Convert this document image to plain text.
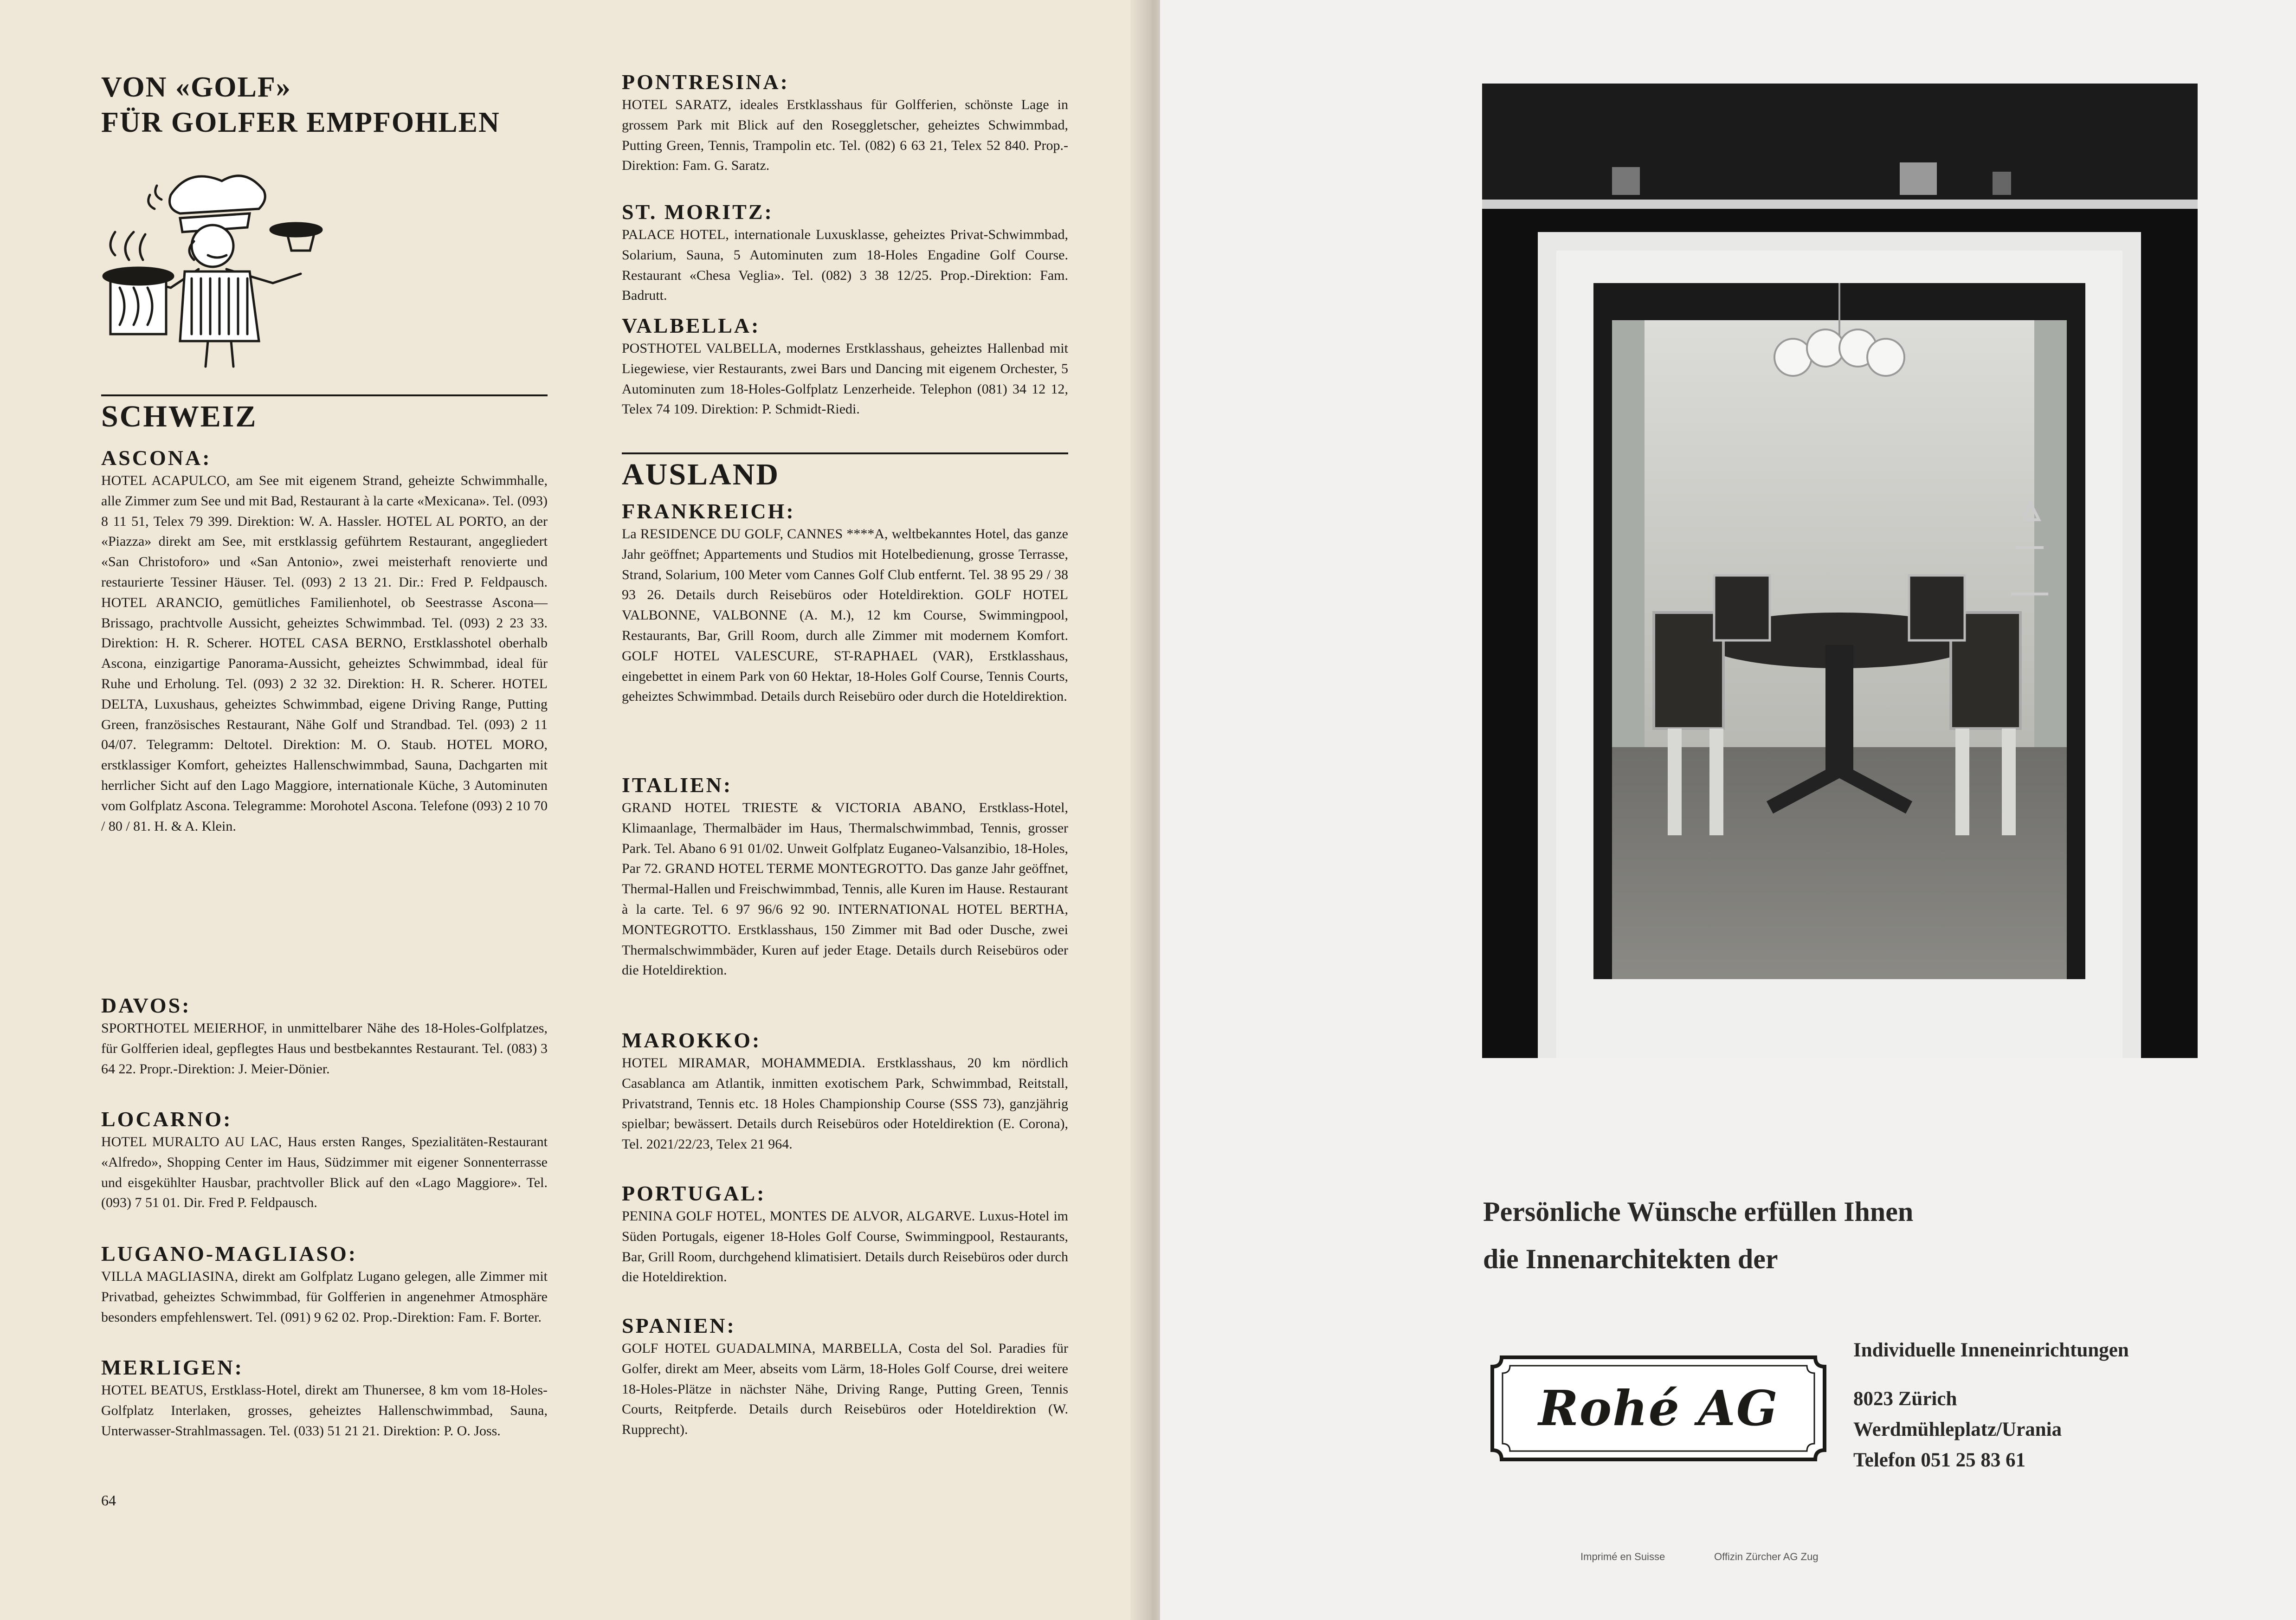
VON «GOLF»
FÜR GOLFER EMPFOHLEN
SCHWEIZ
ASCONA:
HOTEL ACAPULCO, am See mit eigenem Strand, geheizte Schwimmhalle, alle Zimmer zum See und mit Bad, Restaurant à la carte «Mexicana». Tel. (093) 8 11 51, Telex 79 399. Direktion: W. A. Hassler. HOTEL AL PORTO, an der «Piazza» direkt am See, mit erstklassig geführtem Restaurant, angegliedert «San Christoforo» und «San Antonio», zwei meisterhaft renovierte und restaurierte Tessiner Häuser. Tel. (093) 2 13 21. Dir.: Fred P. Feldpausch. HOTEL ARANCIO, gemütliches Familienhotel, ob Seestrasse Ascona—Brissago, prachtvolle Aussicht, geheiztes Schwimmbad. Tel. (093) 2 23 33. Direktion: H. R. Scherer. HOTEL CASA BERNO, Erstklasshotel oberhalb Ascona, einzigartige Panorama-Aussicht, geheiztes Schwimmbad, ideal für Ruhe und Erholung. Tel. (093) 2 32 32. Direktion: H. R. Scherer. HOTEL DELTA, Luxushaus, geheiztes Schwimmbad, eigene Driving Range, Putting Green, französisches Restaurant, Nähe Golf und Strandbad. Tel. (093) 2 11 04/07. Telegramm: Deltotel. Direktion: M. O. Staub. HOTEL MORO, erstklassiger Komfort, geheiztes Hallenschwimmbad, Sauna, Dachgarten mit herrlicher Sicht auf den Lago Maggiore, internationale Küche, 3 Autominuten vom Golfplatz Ascona. Telegramme: Morohotel Ascona. Telefone (093) 2 10 70 / 80 / 81. H. & A. Klein.
DAVOS:
SPORTHOTEL MEIERHOF, in unmittelbarer Nähe des 18-Holes-Golfplatzes, für Golfferien ideal, gepflegtes Haus und bestbekanntes Restaurant. Tel. (083) 3 64 22. Propr.-Direktion: J. Meier-Dönier.
LOCARNO:
HOTEL MURALTO AU LAC, Haus ersten Ranges, Spezialitäten-Restaurant «Alfredo», Shopping Center im Haus, Südzimmer mit eigener Sonnenterrasse und eisgekühlter Hausbar, prachtvoller Blick auf den «Lago Maggiore». Tel. (093) 7 51 01. Dir. Fred P. Feldpausch.
LUGANO-MAGLIASO:
VILLA MAGLIASINA, direkt am Golfplatz Lugano gelegen, alle Zimmer mit Privatbad, geheiztes Schwimmbad, für Golfferien in angenehmer Atmosphäre besonders empfehlenswert. Tel. (091) 9 62 02. Prop.-Direktion: Fam. F. Borter.
MERLIGEN:
HOTEL BEATUS, Erstklass-Hotel, direkt am Thunersee, 8 km vom 18-Holes-Golfplatz Interlaken, grosses, geheiztes Hallenschwimmbad, Sauna, Unterwasser-Strahlmassagen. Tel. (033) 51 21 21. Direktion: P. O. Joss.
PONTRESINA:
HOTEL SARATZ, ideales Erstklasshaus für Golfferien, schönste Lage in grossem Park mit Blick auf den Roseggletscher, geheiztes Schwimmbad, Putting Green, Tennis, Trampolin etc. Tel. (082) 6 63 21, Telex 52 840. Prop.-Direktion: Fam. G. Saratz.
ST. MORITZ:
PALACE HOTEL, internationale Luxusklasse, geheiztes Privat-Schwimmbad, Solarium, Sauna, 5 Autominuten zum 18-Holes Engadine Golf Course. Restaurant «Chesa Veglia». Tel. (082) 3 38 12/25. Prop.-Direktion: Fam. Badrutt.
VALBELLA:
POSTHOTEL VALBELLA, modernes Erstklasshaus, geheiztes Hallenbad mit Liegewiese, vier Restaurants, zwei Bars und Dancing mit eigenem Orchester, 5 Autominuten zum 18-Holes-Golfplatz Lenzerheide. Telephon (081) 34 12 12, Telex 74 109. Direktion: P. Schmidt-Riedi.
AUSLAND
FRANKREICH:
La RESIDENCE DU GOLF, CANNES ****A, weltbekanntes Hotel, das ganze Jahr geöffnet; Appartements und Studios mit Hotelbedienung, grosse Terrasse, Strand, Solarium, 100 Meter vom Cannes Golf Club entfernt. Tel. 38 95 29 / 38 93 26. Details durch Reisebüros oder Hoteldirektion. GOLF HOTEL VALBONNE, VALBONNE (A. M.), 12 km Course, Swimmingpool, Restaurants, Bar, Grill Room, durch alle Zimmer mit modernem Komfort. GOLF HOTEL VALESCURE, ST-RAPHAEL (VAR), Erstklasshaus, eingebettet in einem Park von 60 Hektar, 18-Holes Golf Course, Tennis Courts, geheiztes Schwimmbad. Details durch Reisebüro oder durch die Hoteldirektion.
ITALIEN:
GRAND HOTEL TRIESTE & VICTORIA ABANO, Erstklass-Hotel, Klimaanlage, Thermalbäder im Haus, Thermalschwimmbad, Tennis, grosser Park. Tel. Abano 6 91 01/02. Unweit Golfplatz Euganeo-Valsanzibio, 18-Holes, Par 72. GRAND HOTEL TERME MONTEGROTTO. Das ganze Jahr geöffnet, Thermal-Hallen und Freischwimmbad, Tennis, alle Kuren im Hause. Restaurant à la carte. Tel. 6 97 96/6 92 90. INTERNATIONAL HOTEL BERTHA, MONTEGROTTO. Erstklasshaus, 150 Zimmer mit Bad oder Dusche, zwei Thermalschwimmbäder, Kuren auf jeder Etage. Details durch Reisebüros oder die Hoteldirektion.
MAROKKO:
HOTEL MIRAMAR, MOHAMMEDIA. Erstklasshaus, 20 km nördlich Casablanca am Atlantik, inmitten exotischem Park, Schwimmbad, Reitstall, Privatstrand, Tennis etc. 18 Holes Championship Course (SSS 73), ganzjährig spielbar; bewässert. Details durch Reisebüros oder Hoteldirektion (E. Corona), Tel. 2021/22/23, Telex 21 964.
PORTUGAL:
PENINA GOLF HOTEL, MONTES DE ALVOR, ALGARVE. Luxus-Hotel im Süden Portugals, eigener 18-Holes Golf Course, Swimmingpool, Restaurants, Bar, Grill Room, durchgehend klimatisiert. Details durch Reisebüros oder durch die Hoteldirektion.
SPANIEN:
GOLF HOTEL GUADALMINA, MARBELLA, Costa del Sol. Paradies für Golfer, direkt am Meer, abseits vom Lärm, 18-Holes Golf Course, drei weitere 18-Holes-Plätze in nächster Nähe, Driving Range, Putting Green, Tennis Courts, Reitpferde. Details durch Reisebüros oder Hoteldirektion (W. Rupprecht).
64
Persönliche Wünsche erfüllen Ihnen
die Innenarchitekten der
Rohé AG
Individuelle Inneneinrichtungen
8023 Zürich
Werdmühleplatz/Urania
Telefon 051 25 83 61
Imprimé en Suisse	Offizin Zürcher AG Zug
